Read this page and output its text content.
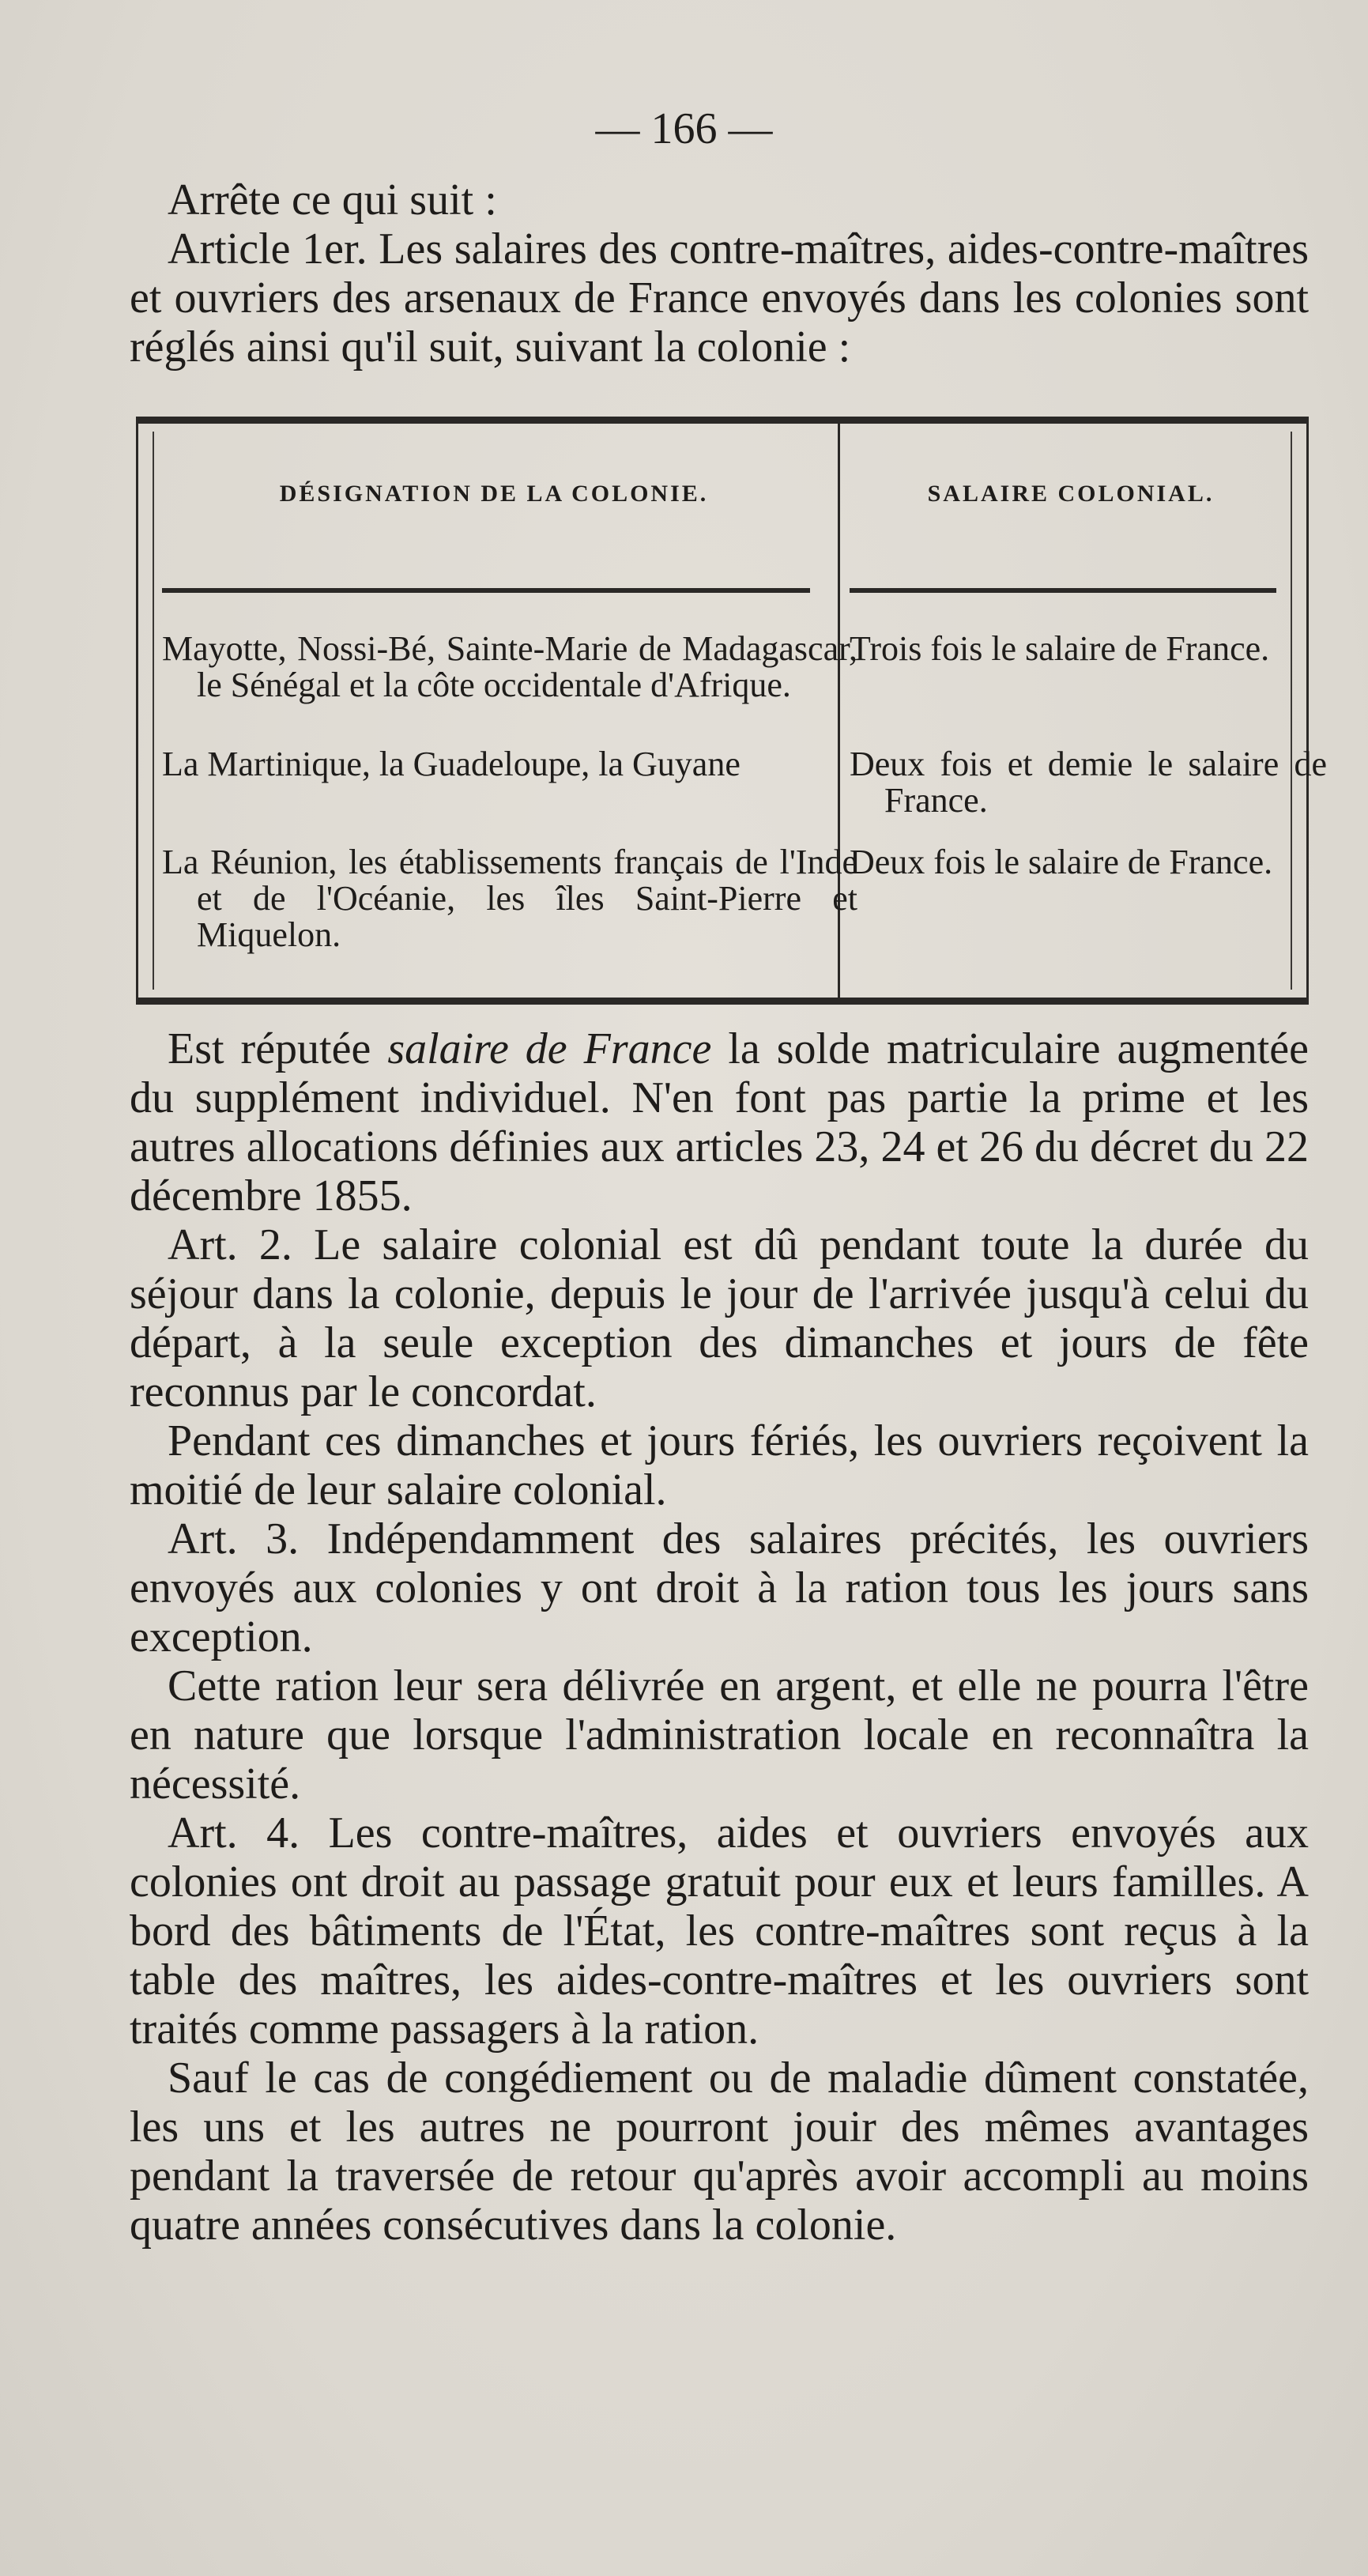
— 166 —

Arrête ce qui suit :

Article 1er. Les salaires des contre-maîtres, aides-contre-maîtres et ouvriers des arsenaux de France envoyés dans les colonies sont réglés ainsi qu'il suit, suivant la colonie :

DÉSIGNATION DE LA COLONIE.	SALAIRE COLONIAL.
Mayotte, Nossi-Bé, Sainte-Marie de Madagascar, le Sénégal et la côte occidentale d'Afrique.
Trois fois le salaire de France.
La Martinique, la Guadeloupe, la Guyane	Deux fois et demie le salaire de France.
La Réunion, les établissements français de l'Inde et de l'Océanie, les îles Saint-Pierre et Miquelon.
Deux fois le salaire de France.

Est réputée salaire de France la solde matriculaire augmentée du supplément individuel. N'en font pas partie la prime et les autres allocations définies aux articles 23, 24 et 26 du décret du 22 décembre 1855.

Art. 2. Le salaire colonial est dû pendant toute la durée du séjour dans la colonie, depuis le jour de l'arrivée jusqu'à celui du départ, à la seule exception des dimanches et jours de fête reconnus par le concordat.

Pendant ces dimanches et jours fériés, les ouvriers reçoivent la moitié de leur salaire colonial.

Art. 3. Indépendamment des salaires précités, les ouvriers envoyés aux colonies y ont droit à la ration tous les jours sans exception.

Cette ration leur sera délivrée en argent, et elle ne pourra l'être en nature que lorsque l'administration locale en reconnaîtra la nécessité.

Art. 4. Les contre-maîtres, aides et ouvriers envoyés aux colonies ont droit au passage gratuit pour eux et leurs familles. A bord des bâtiments de l'État, les contre-maîtres sont reçus à la table des maîtres, les aides-contre-maîtres et les ouvriers sont traités comme passagers à la ration.

Sauf le cas de congédiement ou de maladie dûment constatée, les uns et les autres ne pourront jouir des mêmes avantages pendant la traversée de retour qu'après avoir accompli au moins quatre années consécutives dans la colonie.
